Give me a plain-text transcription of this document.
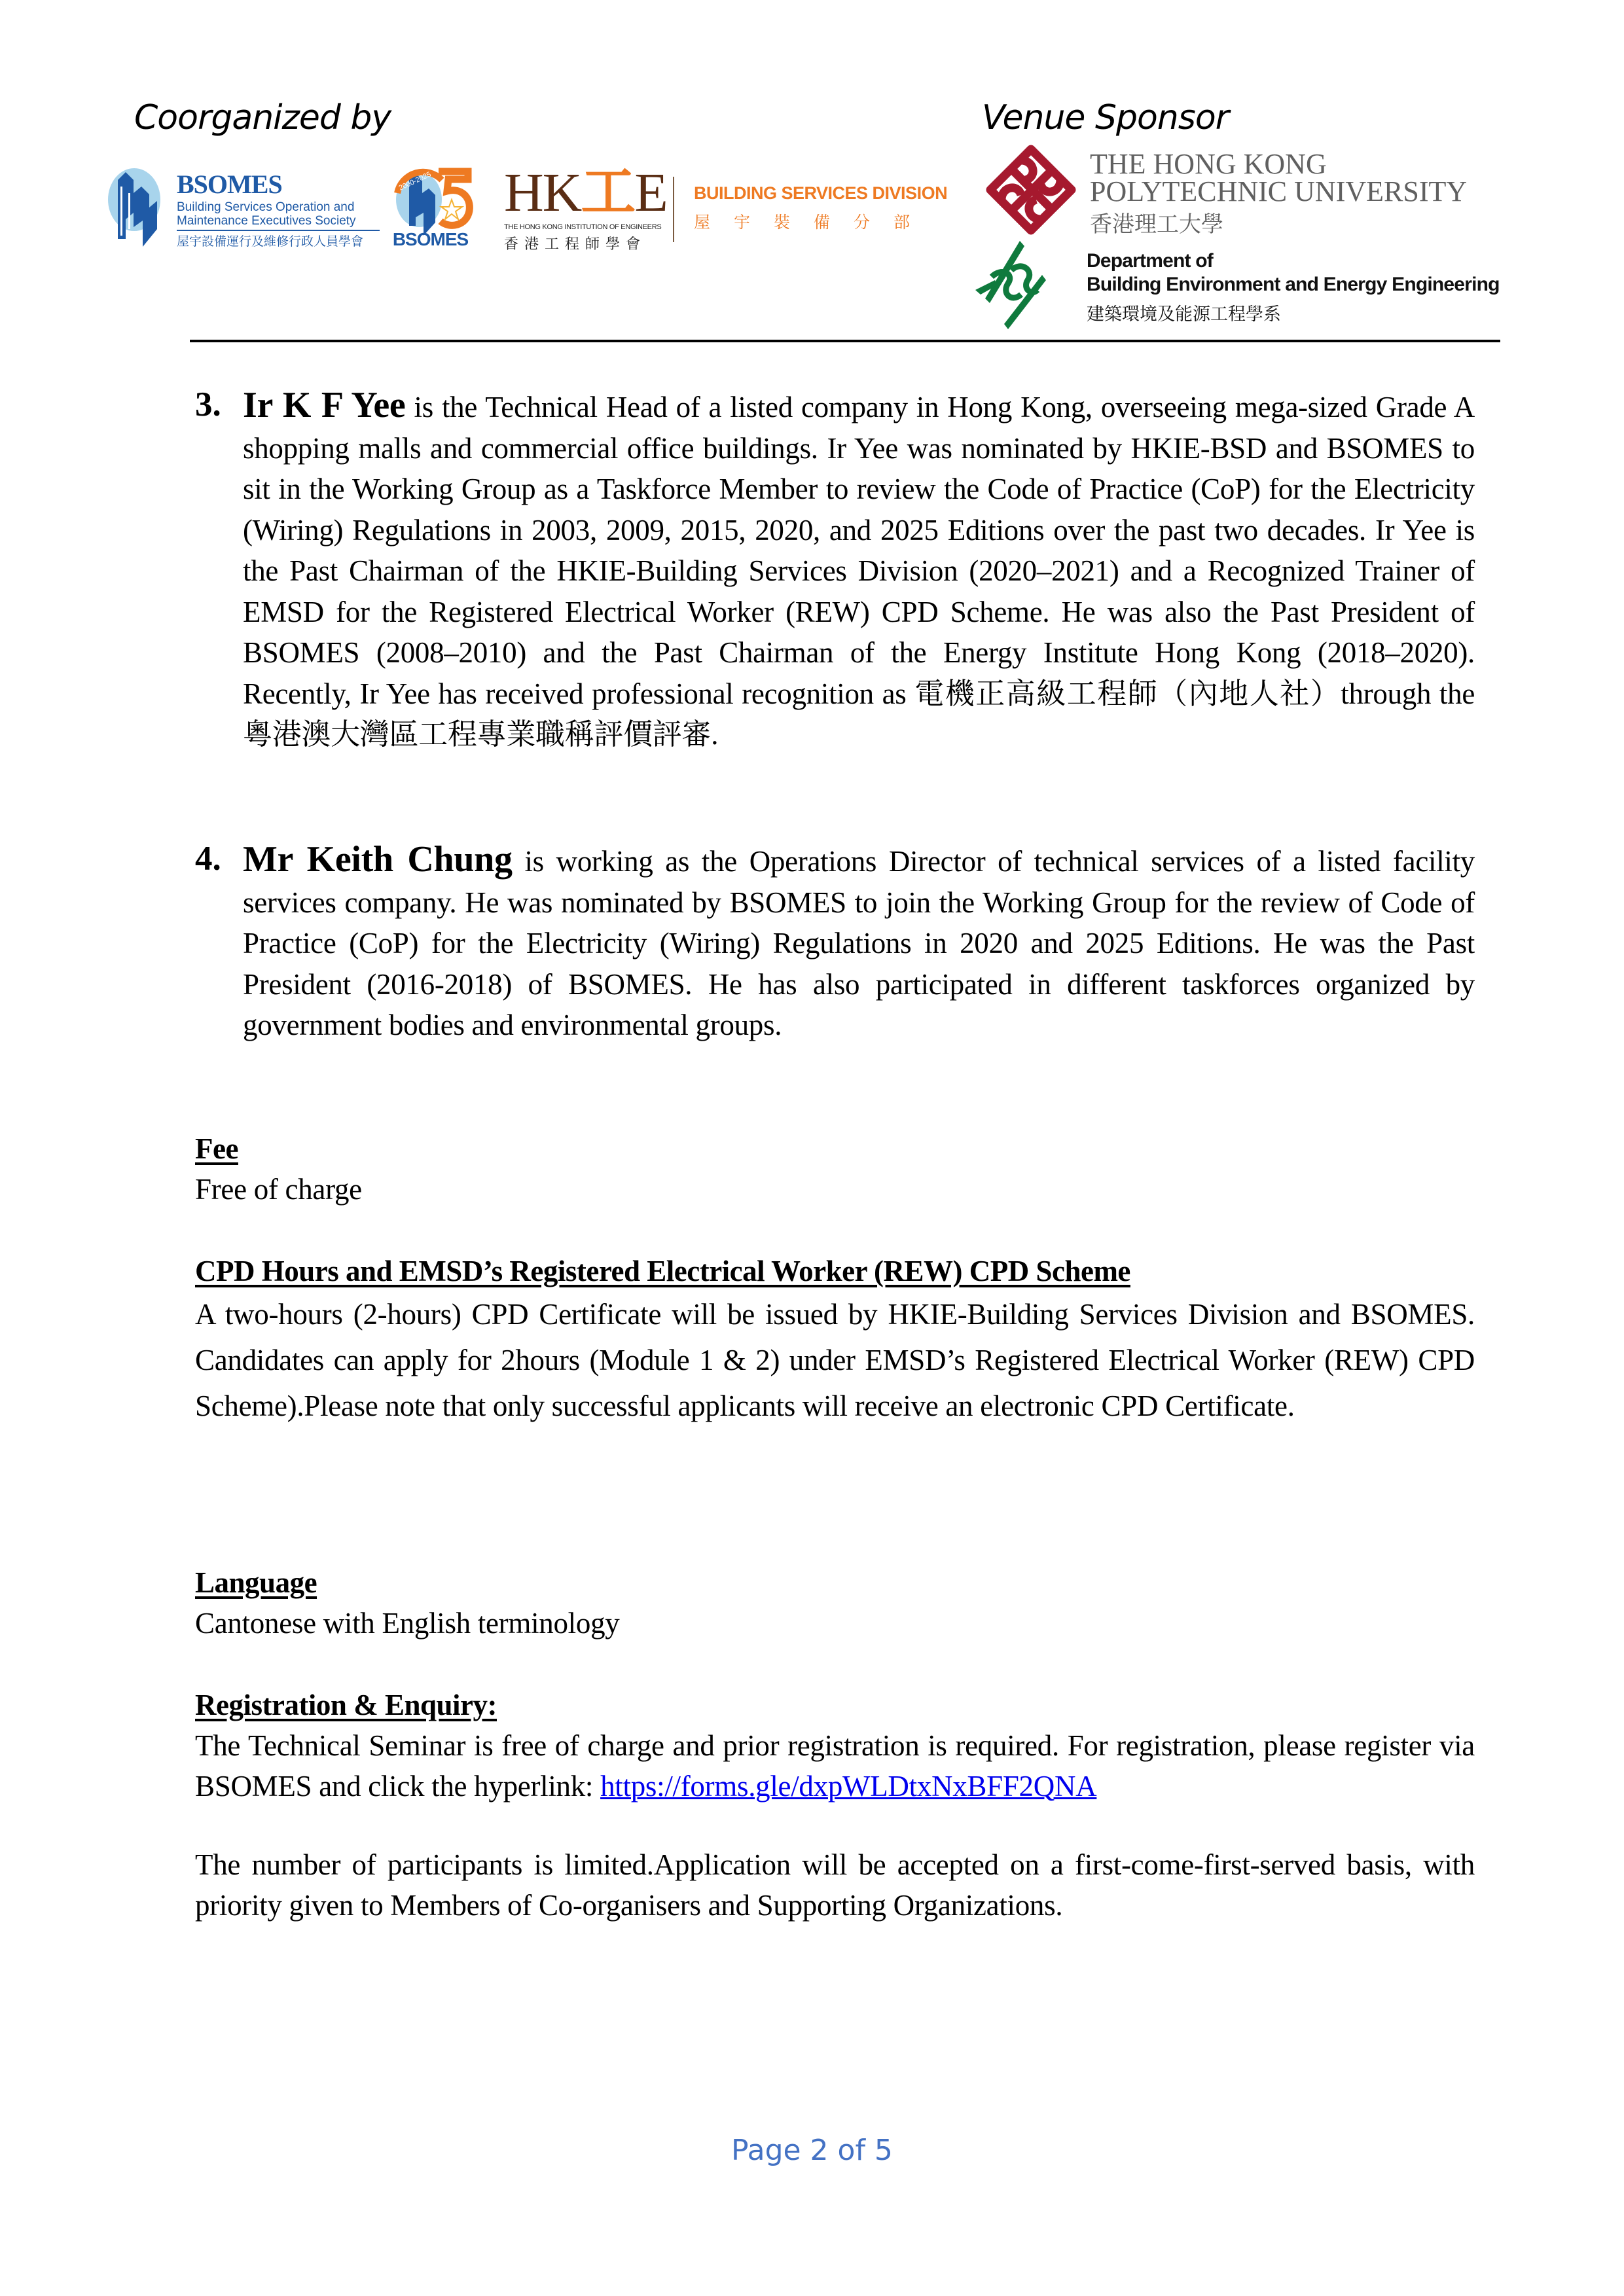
Coorganized by	Venue Sponsor
BSOMES
Building Services Operation and
Maintenance Executives Society
屋宇設備運行及維修行政人員學會
2000-2025
BSOMES
HK工E
THE HONG KONG INSTITUTION OF ENGINEERS
香港工程師學會
BUILDING SERVICES DIVISION
屋宇裝備分部
THE HONG KONG
POLYTECHNIC UNIVERSITY
香港理工大學
Department of
Building Environment and Energy Engineering
建築環境及能源工程學系
3. Ir K F Yee is the Technical Head of a listed company in Hong Kong, overseeing mega-sized Grade A shopping malls and commercial office buildings. Ir Yee was nominated by HKIE-BSD and BSOMES to sit in the Working Group as a Taskforce Member to review the Code of Practice (CoP) for the Electricity (Wiring) Regulations in 2003, 2009, 2015, 2020, and 2025 Editions over the past two decades. Ir Yee is the Past Chairman of the HKIE-Building Services Division (2020–2021) and a Recognized Trainer of EMSD for the Registered Electrical Worker (REW) CPD Scheme. He was also the Past President of BSOMES (2008–2010) and the Past Chairman of the Energy Institute Hong Kong (2018–2020). Recently, Ir Yee has received professional recognition as 電機正高級工程師（內地人社）through the 粵港澳大灣區工程專業職稱評價評審.

4. Mr Keith Chung is working as the Operations Director of technical services of a listed facility services company. He was nominated by BSOMES to join the Working Group for the review of Code of Practice (CoP) for the Electricity (Wiring) Regulations in 2020 and 2025 Editions. He was the Past President (2016-2018) of BSOMES. He has also participated in different taskforces organized by government bodies and environmental groups.

Fee

Free of charge

CPD Hours and EMSD’s Registered Electrical Worker (REW) CPD Scheme

A two-hours (2-hours) CPD Certificate will be issued by HKIE-Building Services Division and BSOMES. Candidates can apply for 2hours (Module 1 & 2) under EMSD’s Registered Electrical Worker (REW) CPD Scheme).Please note that only successful applicants will receive an electronic CPD Certificate.

Language

Cantonese with English terminology

Registration & Enquiry:

The Technical Seminar is free of charge and prior registration is required. For registration, please register via BSOMES and click the hyperlink: https://forms.gle/dxpWLDtxNxBFF2QNA

The number of participants is limited.Application will be accepted on a first-come-first-served basis, with priority given to Members of Co-organisers and Supporting Organizations.

Page 2 of 5
